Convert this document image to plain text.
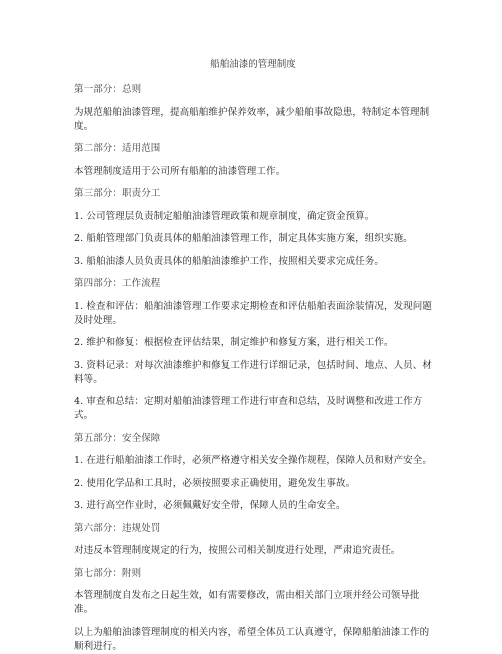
船舶油漆的管理制度
第一部分：总则
为规范船舶油漆管理，提高船舶维护保养效率，减少船舶事故隐患，特制定本管理制度。
第二部分：适用范围
本管理制度适用于公司所有船舶的油漆管理工作。
第三部分：职责分工
1. 公司管理层负责制定船舶油漆管理政策和规章制度，确定资金预算。
2. 船舶管理部门负责具体的船舶油漆管理工作，制定具体实施方案，组织实施。
3. 船舶油漆人员负责具体的船舶油漆维护工作，按照相关要求完成任务。
第四部分：工作流程
1. 检查和评估：船舶油漆管理工作要求定期检查和评估船舶表面涂装情况，发现问题及时处理。
2. 维护和修复：根据检查评估结果，制定维护和修复方案，进行相关工作。
3. 资料记录：对每次油漆维护和修复工作进行详细记录，包括时间、地点、人员、材料等。
4. 审查和总结：定期对船舶油漆管理工作进行审查和总结，及时调整和改进工作方式。
第五部分：安全保障
1. 在进行船舶油漆工作时，必须严格遵守相关安全操作规程，保障人员和财产安全。
2. 使用化学品和工具时，必须按照要求正确使用，避免发生事故。
3. 进行高空作业时，必须佩戴好安全带，保障人员的生命安全。
第六部分：违规处罚
对违反本管理制度规定的行为，按照公司相关制度进行处理，严肃追究责任。
第七部分：附则
本管理制度自发布之日起生效，如有需要修改，需由相关部门立项并经公司领导批准。
以上为船舶油漆管理制度的相关内容，希望全体员工认真遵守，保障船舶油漆工作的顺利进行。
